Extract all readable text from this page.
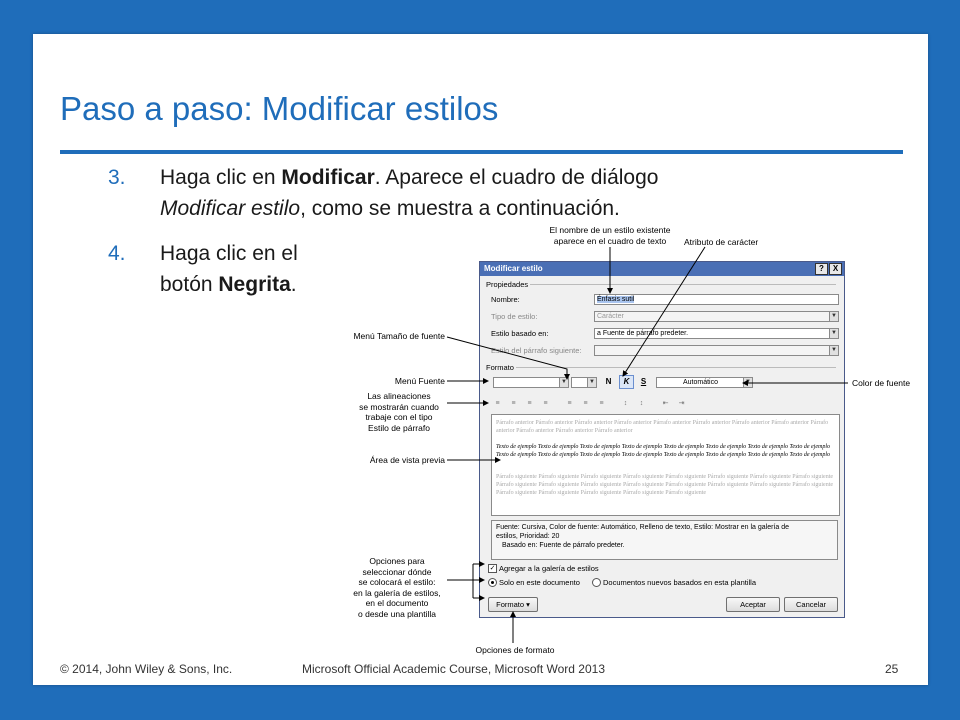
Paso a paso: Modificar estilos
3.	Haga clic en Modificar. Aparece el cuadro de diálogo
Modificar estilo, como se muestra a continuación.
4.	Haga clic en el
botón Negrita.
Modificar estilo	?	X
Propiedades
Nombre:	Énfasis sutil
Tipo de estilo:	Carácter	▼
Estilo basado en:	a Fuente de párrafo predeter.	▼
Estilo del párrafo siguiente:	▼
Formato
▼	▼	N	K	S	Automático	▼
≡	≡	≡	≡	≡	≡	≡	↕	↕	⇤	⇥
Párrafo anterior Párrafo anterior Párrafo anterior Párrafo anterior Párrafo anterior Párrafo anterior Párrafo anterior Párrafo anterior Párrafo anterior Párrafo anterior Párrafo anterior Párrafo anterior
Texto de ejemplo Texto de ejemplo Texto de ejemplo Texto de ejemplo Texto de ejemplo Texto de ejemplo Texto de ejemplo Texto de ejemplo Texto de ejemplo Texto de ejemplo Texto de ejemplo Texto de ejemplo Texto de ejemplo Texto de ejemplo Texto de ejemplo Texto de ejemplo
Párrafo siguiente Párrafo siguiente Párrafo siguiente Párrafo siguiente Párrafo siguiente Párrafo siguiente Párrafo siguiente Párrafo siguiente Párrafo siguiente Párrafo siguiente Párrafo siguiente Párrafo siguiente Párrafo siguiente Párrafo siguiente Párrafo siguiente Párrafo siguiente Párrafo siguiente Párrafo siguiente Párrafo siguiente Párrafo siguiente Párrafo siguiente
Fuente: Cursiva, Color de fuente: Automático, Relleno de texto, Estilo: Mostrar en la galería de
estilos, Prioridad: 20
Basado en: Fuente de párrafo predeter.
✓ Agregar a la galería de estilos
Solo en este documento	Documentos nuevos basados en esta plantilla
Formato ▾	Aceptar	Cancelar
El nombre de un estilo existente
aparece en el cuadro de texto	Atributo de carácter
Menú Tamaño de fuente
Menú Fuente	Color de fuente
Las alineaciones
se mostrarán cuando
trabaje con el tipo
Estilo de párrafo
Área de vista previa
Opciones para
seleccionar dónde
se colocará el estilo:
en la galería de estilos,
en el documento
o desde una plantilla
Opciones de formato
© 2014, John Wiley & Sons, Inc.	Microsoft Official Academic Course, Microsoft Word 2013	25
